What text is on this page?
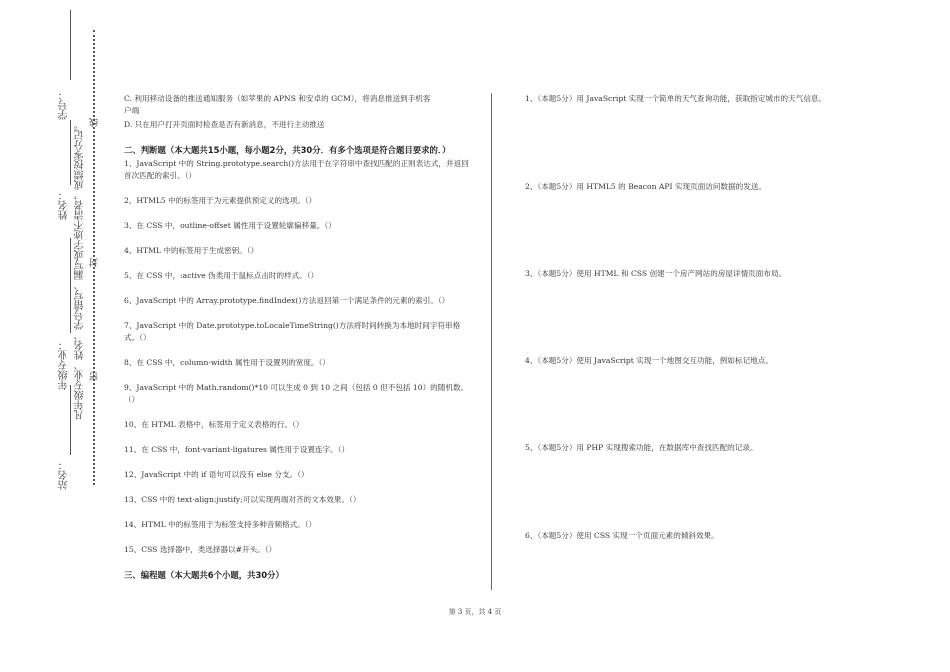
学号：
姓名：
年级专业：
站名：
凡年级专业、姓名、学号错写、漏写或字迹不清者，成绩按零分记。 线
封
密
C. 利用移动设备的推送通知服务（如苹果的 APNS 和安卓的 GCM），将消息推送到手机客
户端
D. 只在用户打开页面时检查是否有新消息，不进行主动推送
二、判断题（本大题共15小题，每小题2分，共30分．有多个选项是符合题目要求的．）
1、JavaScript 中的 String.prototype.search()方法用于在字符串中查找匹配的正则表达式，并返回首次匹配的索引。（）
2、HTML5 中的标签用于为元素提供预定义的选项。（）
3、在 CSS 中，outline-offset 属性用于设置轮廓偏移量。（）
4、HTML 中的标签用于生成密钥。（）
5、在 CSS 中，:active 伪类用于鼠标点击时的样式。（）
6、JavaScript 中的 Array.prototype.findIndex()方法返回第一个满足条件的元素的索引。（）
7、JavaScript 中的 Date.prototype.toLocaleTimeString()方法将时间转换为本地时间字符串格式。（）
8、在 CSS 中，column-width 属性用于设置列的宽度。（）
9、JavaScript 中的 Math.random()*10 可以生成 0 到 10 之间（包括 0 但不包括 10）的随机数。（）
10、在 HTML 表格中，标签用于定义表格的行。（）
11、在 CSS 中，font-variant-ligatures 属性用于设置连字。（）
12、JavaScript 中的 if 语句可以没有 else 分支。（）
13、CSS 中的 text-align:justify;可以实现两端对齐的文本效果。（）
14、HTML 中的标签用于为标签支持多种音频格式。（）
15、CSS 选择器中，类选择器以#开头。（）
三、编程题（本大题共6个小题，共30分）
1、（本题5分）用 JavaScript 实现一个简单的天气查询功能，获取指定城市的天气信息。
2、（本题5分）用 HTML5 的 Beacon API 实现页面访问数据的发送。
3、（本题5分）使用 HTML 和 CSS 创建一个房产网站的房屋详情页面布局。
4、（本题5分）使用 JavaScript 实现一个地图交互功能，例如标记地点。
5、（本题5分）用 PHP 实现搜索功能，在数据库中查找匹配的记录。
6、（本题5分）使用 CSS 实现一个页面元素的倾斜效果。
第 3 页，共 4 页
